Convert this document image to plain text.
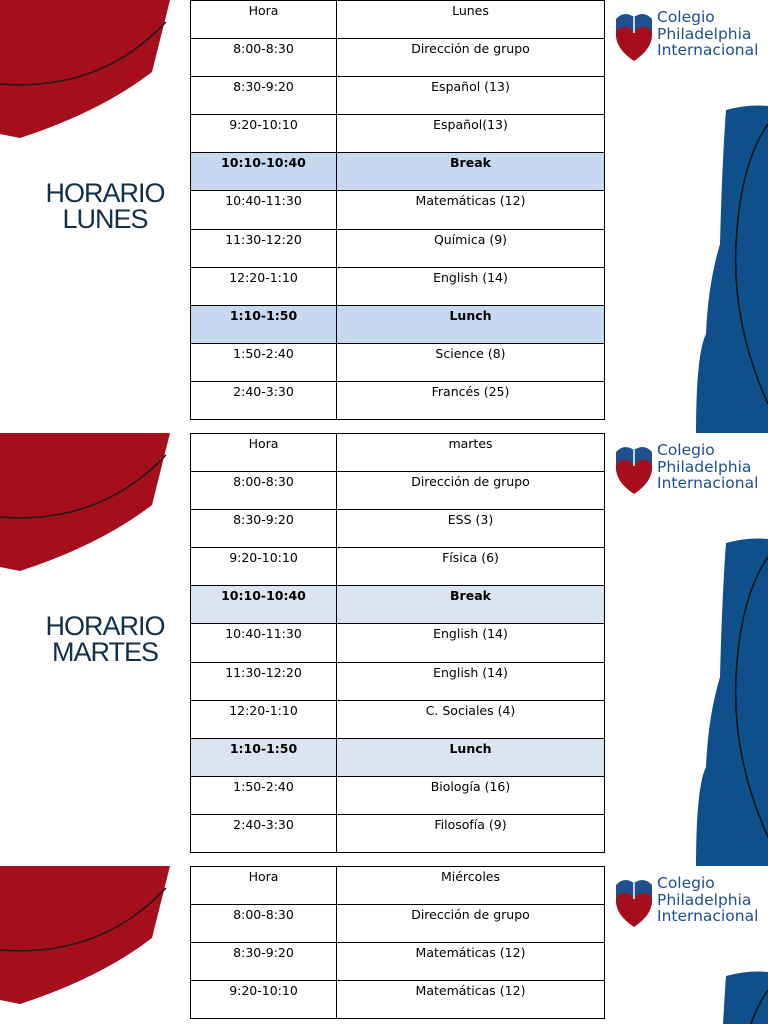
HORARIO
LUNES
Colegio
Philadelphia
Internacional
Hora	Lunes
8:00-8:30	Dirección de grupo
8:30-9:20	Español (13)
9:20-10:10	Español(13)
10:10-10:40	Break
10:40-11:30	Matemáticas (12)
11:30-12:20	Química (9)
12:20-1:10	English (14)
1:10-1:50	Lunch
1:50-2:40	Science (8)
2:40-3:30	Francés (25)
HORARIO
MARTES
Colegio
Philadelphia
Internacional
Hora	martes
8:00-8:30	Dirección de grupo
8:30-9:20	ESS (3)
9:20-10:10	Física (6)
10:10-10:40	Break
10:40-11:30	English (14)
11:30-12:20	English (14)
12:20-1:10	C. Sociales (4)
1:10-1:50	Lunch
1:50-2:40	Biología (16)
2:40-3:30	Filosofía (9)
Colegio
Philadelphia
Internacional
Hora	Miércoles
8:00-8:30	Dirección de grupo
8:30-9:20	Matemáticas (12)
9:20-10:10	Matemáticas (12)
